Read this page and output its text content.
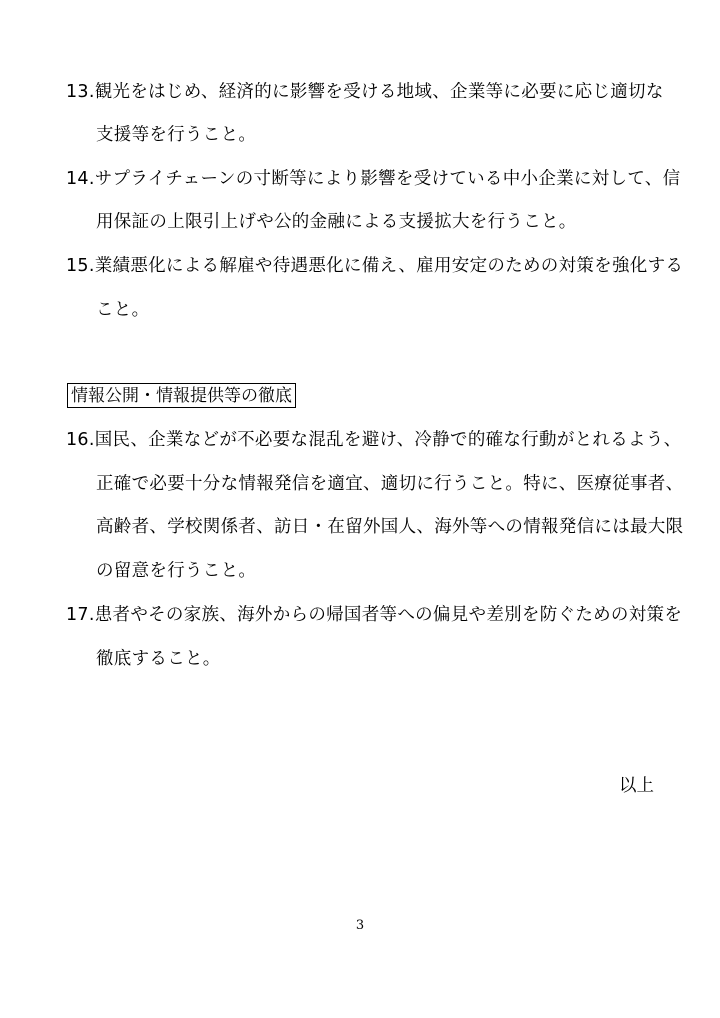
13.観光をはじめ、経済的に影響を受ける地域、企業等に必要に応じ適切な
支援等を行うこと。
14.サプライチェーンの寸断等により影響を受けている中小企業に対して、信
用保証の上限引上げや公的金融による支援拡大を行うこと。
15.業績悪化による解雇や待遇悪化に備え、雇用安定のための対策を強化する
こと。
情報公開・情報提供等の徹底
16.国民、企業などが不必要な混乱を避け、冷静で的確な行動がとれるよう、
正確で必要十分な情報発信を適宜、適切に行うこと。特に、医療従事者、
高齢者、学校関係者、訪日・在留外国人、海外等への情報発信には最大限
の留意を行うこと。
17.患者やその家族、海外からの帰国者等への偏見や差別を防ぐための対策を
徹底すること。
以上
3
